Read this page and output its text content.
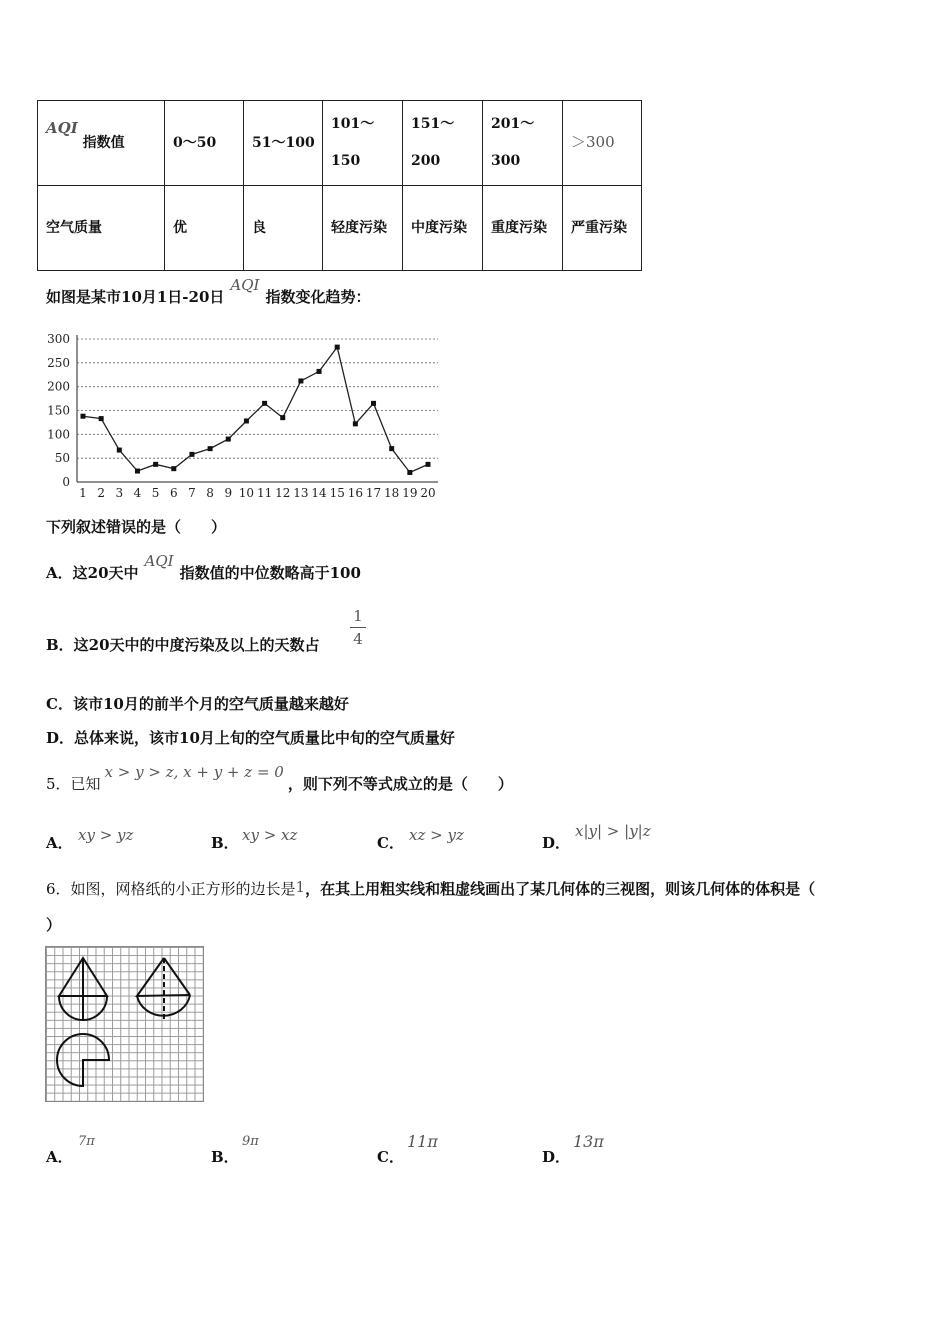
AQI 指数值	0～50	51～100	101～150	151～200	201～300	＞300
空气质量	优	良	轻度污染	中度污染	重度污染	严重污染
如图是某市10月1日-20日AQI指数变化趋势：
0
50
100
150
200
250
300
1 2 3 4 5 6 7 8 9 10 11 12 13 14 15 16 17 18 19 20
下列叙述错误的是（　　）
A．这20天中AQI指数值的中位数略高于100
B．这20天中的中度污染及以上的天数占
1
4
C．该市10月的前半个月的空气质量越来越好
D．总体来说，该市10月上旬的空气质量比中旬的空气质量好
5．已知x > y > z, x + y + z = 0，则下列不等式成立的是（　　）
A． xy > yz	B． xy > xz	C． xz > yz	D．
x|y| > |y|z
6．如图，网格纸的小正方形的边长是1，在其上用粗实线和粗虚线画出了某几何体的三视图，则该几何体的体积是（
）
A．
7π
B．
9π
C．
11π
D．
13π
